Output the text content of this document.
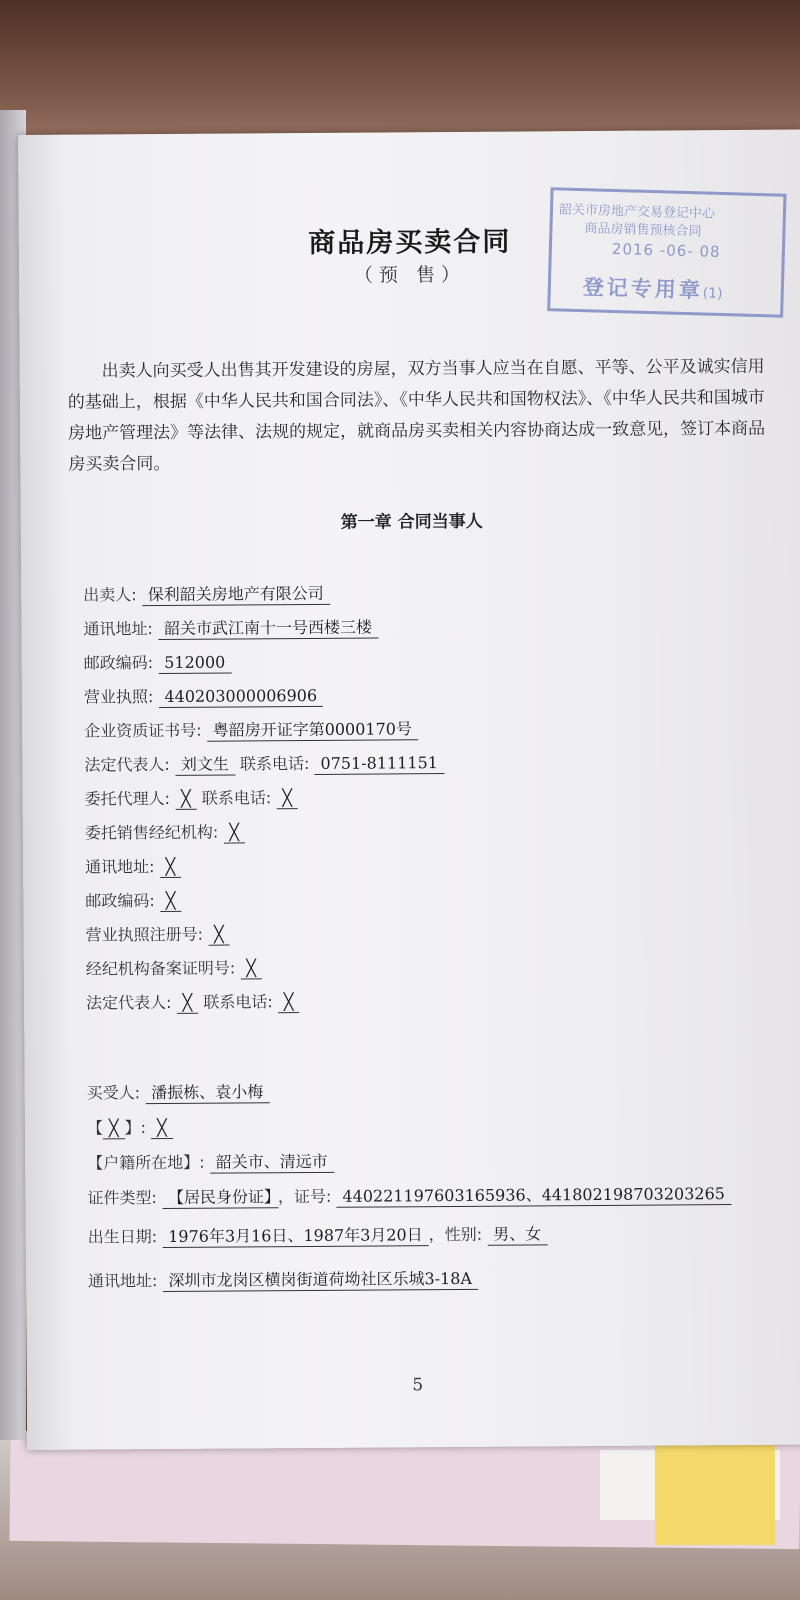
商品房买卖合同
（预 售）
韶关市房地产交易登记中心
商品房销售预核合同
2016 -06- 08
登记专用章(1)
出卖人向买受人出售其开发建设的房屋，双方当事人应当在自愿、平等、公平及诚实信用的基础上，根据《中华人民共和国合同法》、《中华人民共和国物权法》、《中华人民共和国城市房地产管理法》等法律、法规的规定，就商品房买卖相关内容协商达成一致意见，签订本商品房买卖合同。
第一章 合同当事人
出卖人: 保利韶关房地产有限公司
通讯地址: 韶关市武江南十一号西楼三楼
邮政编码: 512000
营业执照: 440203000006906
企业资质证书号: 粤韶房开证字第0000170号
法定代表人: 刘文生 联系电话: 0751-8111151
委托代理人: ╳ 联系电话: ╳
委托销售经纪机构: ╳
通讯地址: ╳
邮政编码: ╳
营业执照注册号: ╳
经纪机构备案证明号: ╳
法定代表人: ╳ 联系电话: ╳
买受人: 潘振栋、袁小梅
【 ╳ 】: ╳
【户籍所在地】: 韶关市、清远市
证件类型: 【居民身份证】 ，证号: 440221197603165936、441802198703203265
出生日期: 1976年3月16日、1987年3月20日 ，性别: 男、女
通讯地址: 深圳市龙岗区横岗街道荷坳社区乐城3-18A
5
